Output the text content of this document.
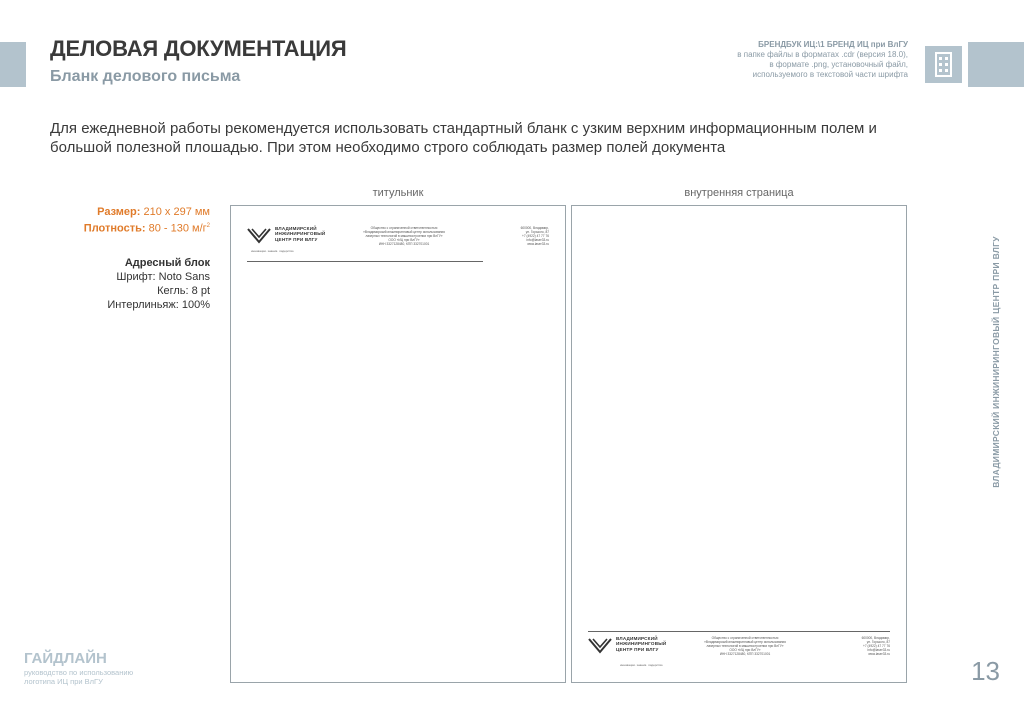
ДЕЛОВАЯ ДОКУМЕНТАЦИЯ
Бланк делового письма
БРЕНДБУК ИЦ:\1 БРЕНД ИЦ при ВлГУ
в папке файлы в форматах .cdr (версия 18.0),
в формате .png, установочный файл,
используемого в текстовой части шрифта

Для ежедневной работы рекомендуется использовать стандартный бланк с узким верхним информационным полем и большой полезной плошадью. При этом необходимо строго соблюдать размер полей документа

титульник	внутренняя страница
Размер: 210 х 297 мм
Плотность: 80 - 130 $м/г^2$
Адресный блок
Шрифт: Noto Sans
Кегль: 8 pt
Интерлиньяж: 100%
ВЛАДИМИРСКИЙ
ИНЖИНИРИНГОВЫЙ
ЦЕНТР ПРИ ВЛГУ
инновации. знания. лидерство
Общество с ограниченной ответственностью
«Владимирский инжиниринговый центр использования
лазерных технологий в машиностроении при ВлГУ»
ООО «ИЦ при ВлГУ»
ИНН 3327128480, КПП 332701001
600000, Владимир,
ул. Горького, 87
+7 (4922) 47 77 76
info@laser33.ru
www.laser33.ru
ВЛАДИМИРСКИЙ
ИНЖИНИРИНГОВЫЙ
ЦЕНТР ПРИ ВЛГУ
инновации. знания. лидерство
Общество с ограниченной ответственностью
«Владимирский инжиниринговый центр использования
лазерных технологий в машиностроении при ВлГУ»
ООО «ИЦ при ВлГУ»
ИНН 3327128480, КПП 332701001
600000, Владимир,
ул. Горького, 87
+7 (4922) 47 77 76
info@laser33.ru
www.laser33.ru
ВЛАДИМИРСКИЙ ИНЖИНИРИНГОВЫЙ ЦЕНТР ПРИ ВЛГУ
ГАЙДЛАЙН
руководство по использованию
логотипа ИЦ при ВлГУ	13
